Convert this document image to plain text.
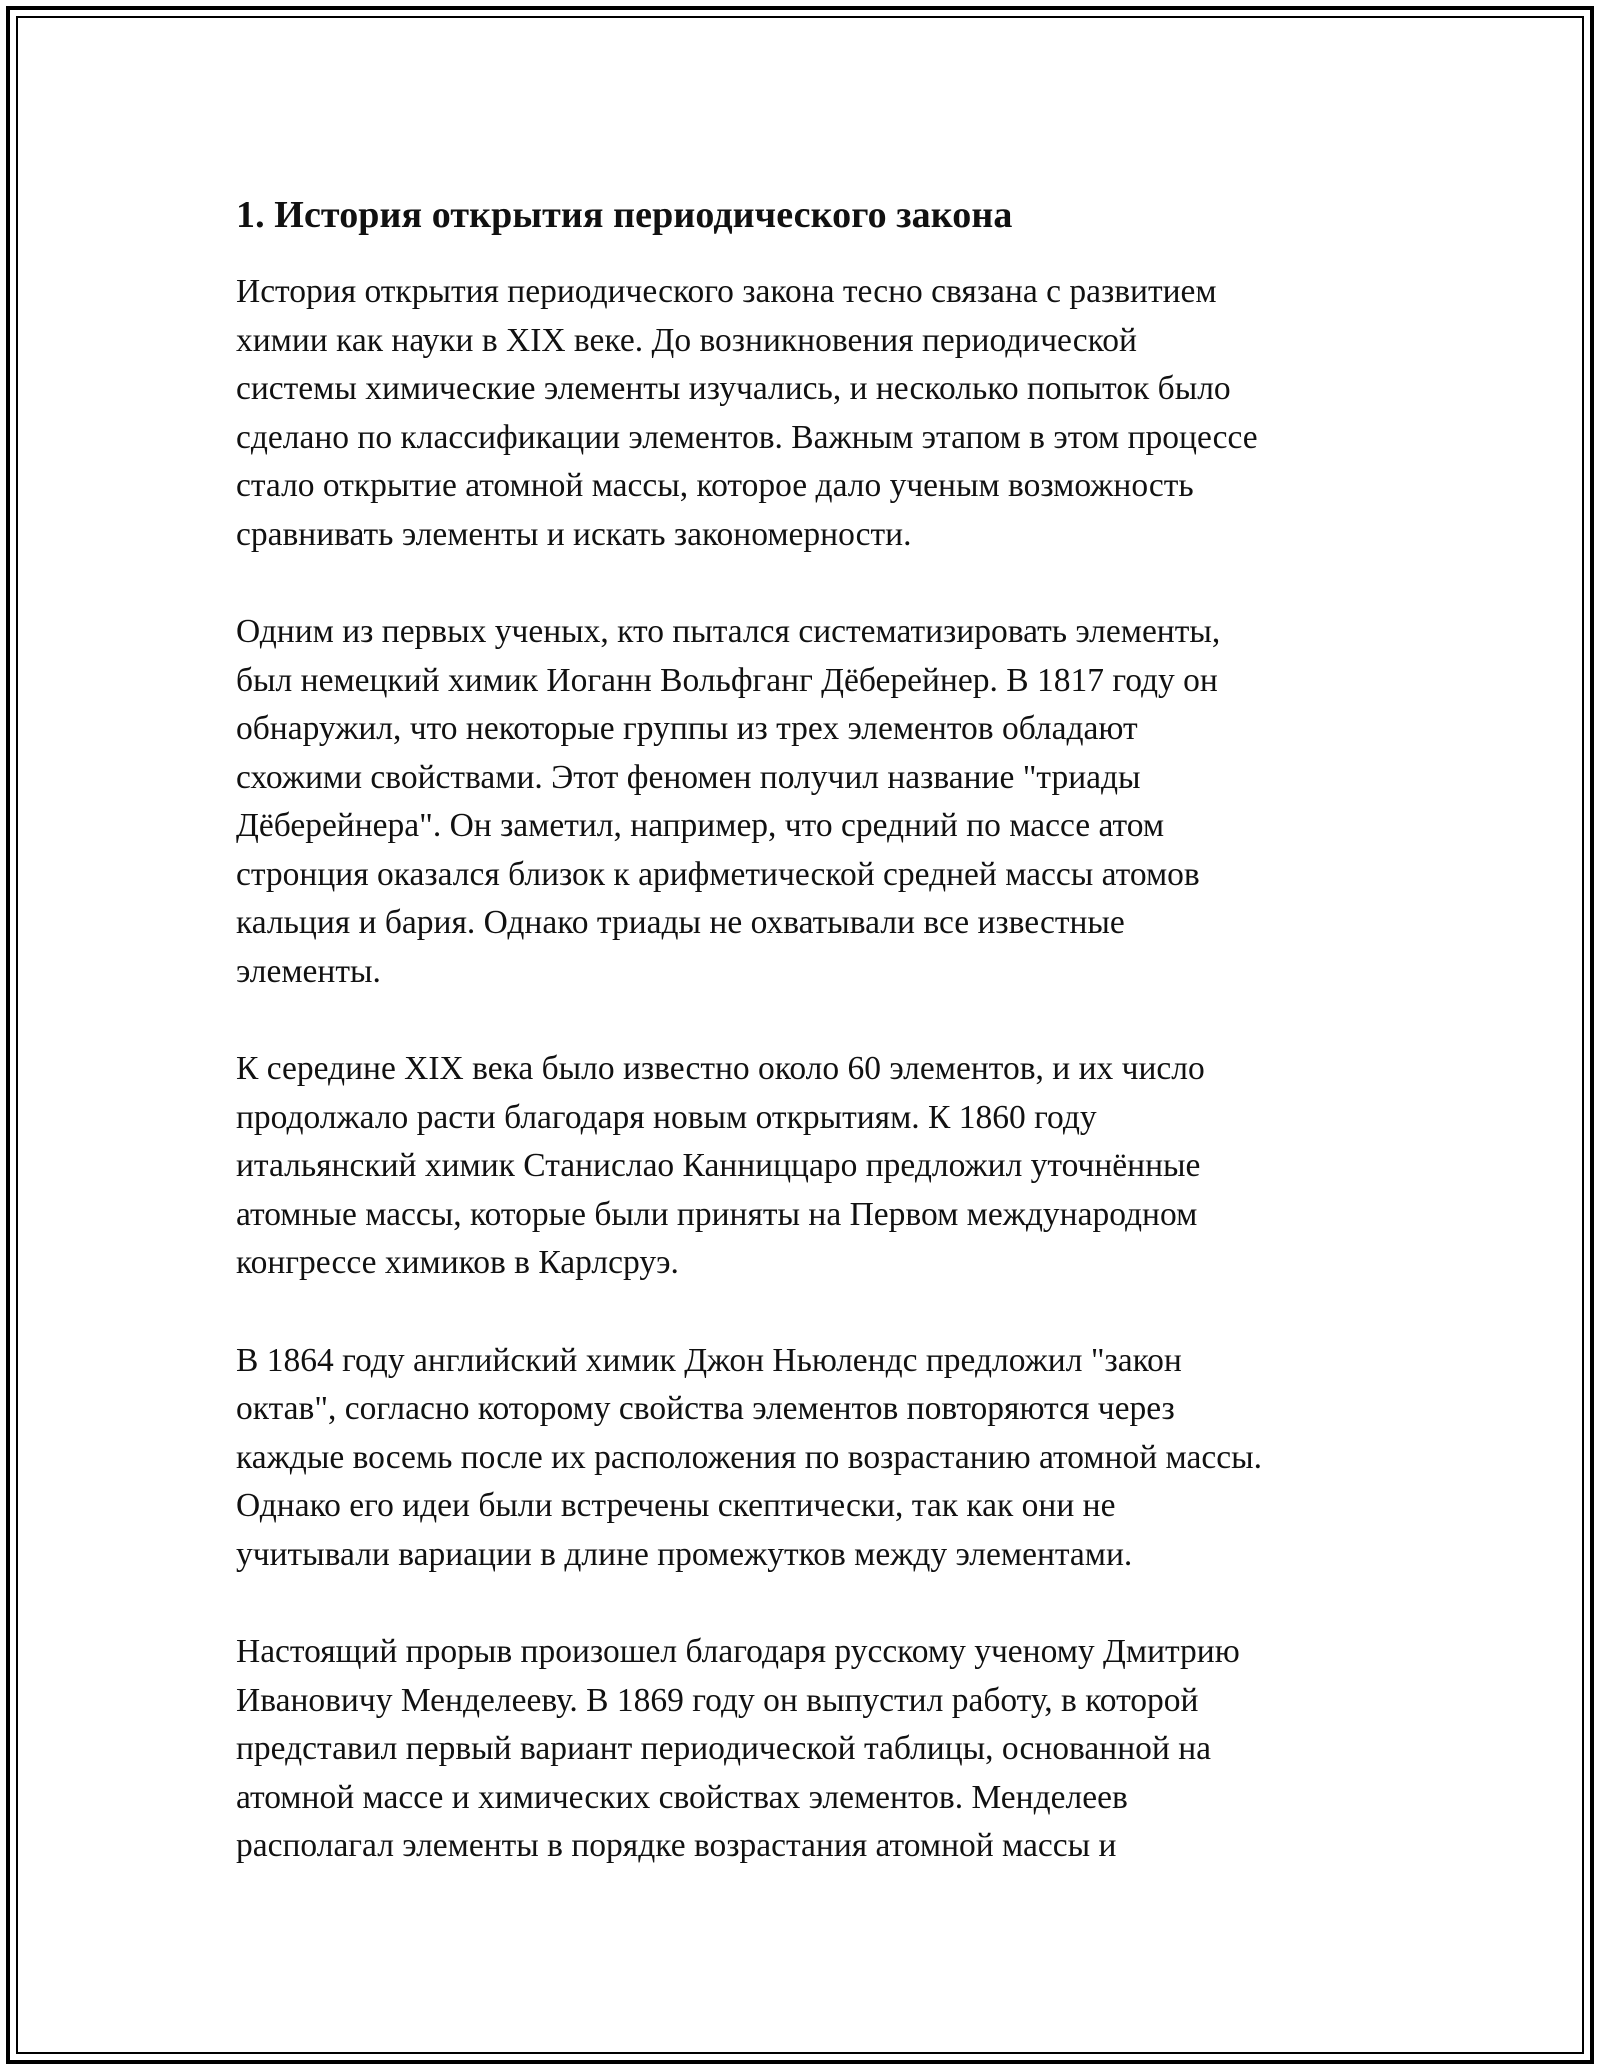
1. История открытия периодического закона

История открытия периодического закона тесно связана с развитием
химии как науки в XIX веке. До возникновения периодической
системы химические элементы изучались, и несколько попыток было
сделано по классификации элементов. Важным этапом в этом процессе
стало открытие атомной массы, которое дало ученым возможность
сравнивать элементы и искать закономерности.

Одним из первых ученых, кто пытался систематизировать элементы,
был немецкий химик Иоганн Вольфганг Дёберейнер. В 1817 году он
обнаружил, что некоторые группы из трех элементов обладают
схожими свойствами. Этот феномен получил название "триады
Дёберейнера". Он заметил, например, что средний по массе атом
стронция оказался близок к арифметической средней массы атомов
кальция и бария. Однако триады не охватывали все известные
элементы.

К середине XIX века было известно около 60 элементов, и их число
продолжало расти благодаря новым открытиям. К 1860 году
итальянский химик Станислао Канниццаро предложил уточнённые
атомные массы, которые были приняты на Первом международном
конгрессе химиков в Карлсруэ.

В 1864 году английский химик Джон Ньюлендс предложил "закон
октав", согласно которому свойства элементов повторяются через
каждые восемь после их расположения по возрастанию атомной массы.
Однако его идеи были встречены скептически, так как они не
учитывали вариации в длине промежутков между элементами.

Настоящий прорыв произошел благодаря русскому ученому Дмитрию
Ивановичу Менделееву. В 1869 году он выпустил работу, в которой
представил первый вариант периодической таблицы, основанной на
атомной массе и химических свойствах элементов. Менделеев
располагал элементы в порядке возрастания атомной массы и
